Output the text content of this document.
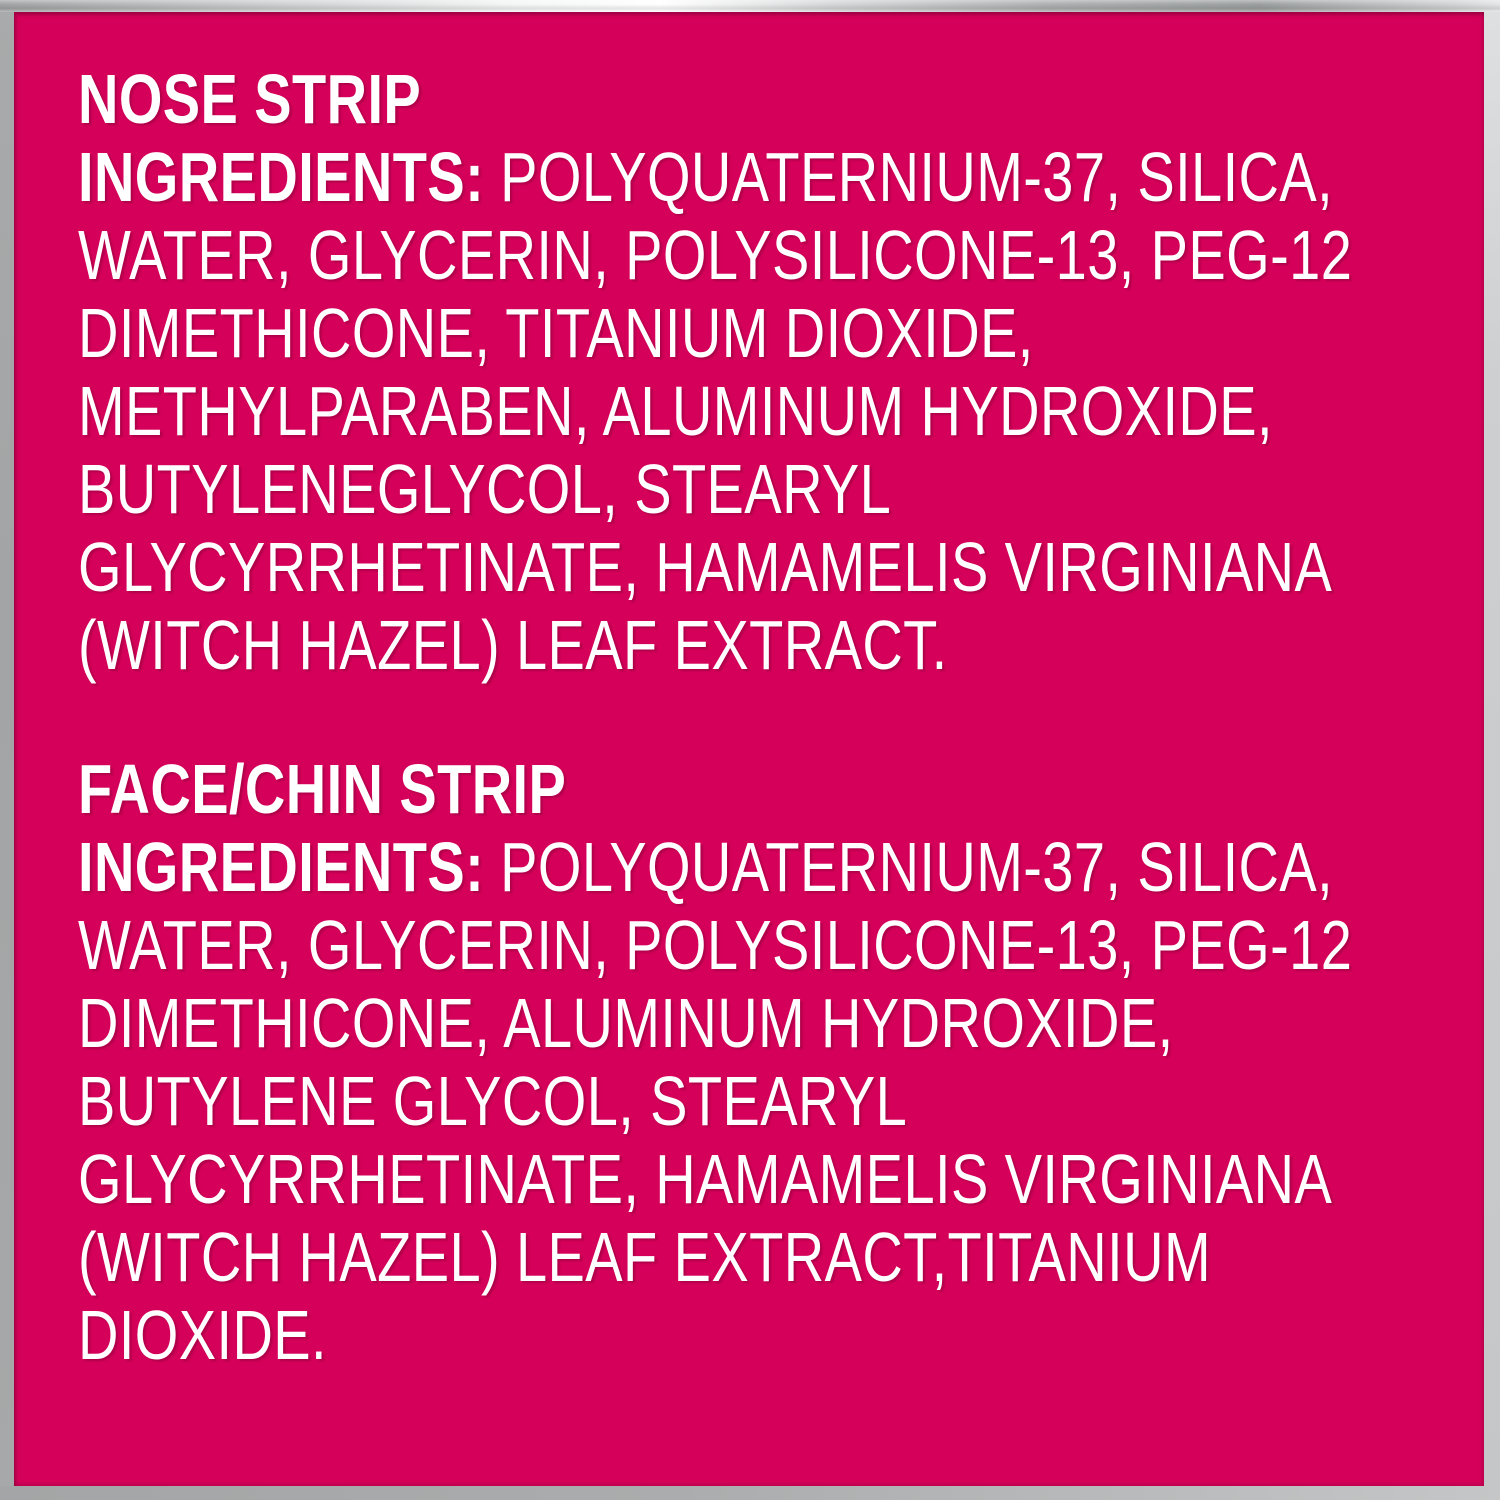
NOSE STRIP
INGREDIENTS: POLYQUATERNIUM-37, SILICA,
WATER, GLYCERIN, POLYSILICONE-13, PEG-12
DIMETHICONE, TITANIUM DIOXIDE,
METHYLPARABEN, ALUMINUM HYDROXIDE,
BUTYLENEGLYCOL, STEARYL
GLYCYRRHETINATE, HAMAMELIS VIRGINIANA
(WITCH HAZEL) LEAF EXTRACT.
FACE/CHIN STRIP
INGREDIENTS: POLYQUATERNIUM-37, SILICA,
WATER, GLYCERIN, POLYSILICONE-13, PEG-12
DIMETHICONE, ALUMINUM HYDROXIDE,
BUTYLENE GLYCOL, STEARYL
GLYCYRRHETINATE, HAMAMELIS VIRGINIANA
(WITCH HAZEL) LEAF EXTRACT,TITANIUM
DIOXIDE.
